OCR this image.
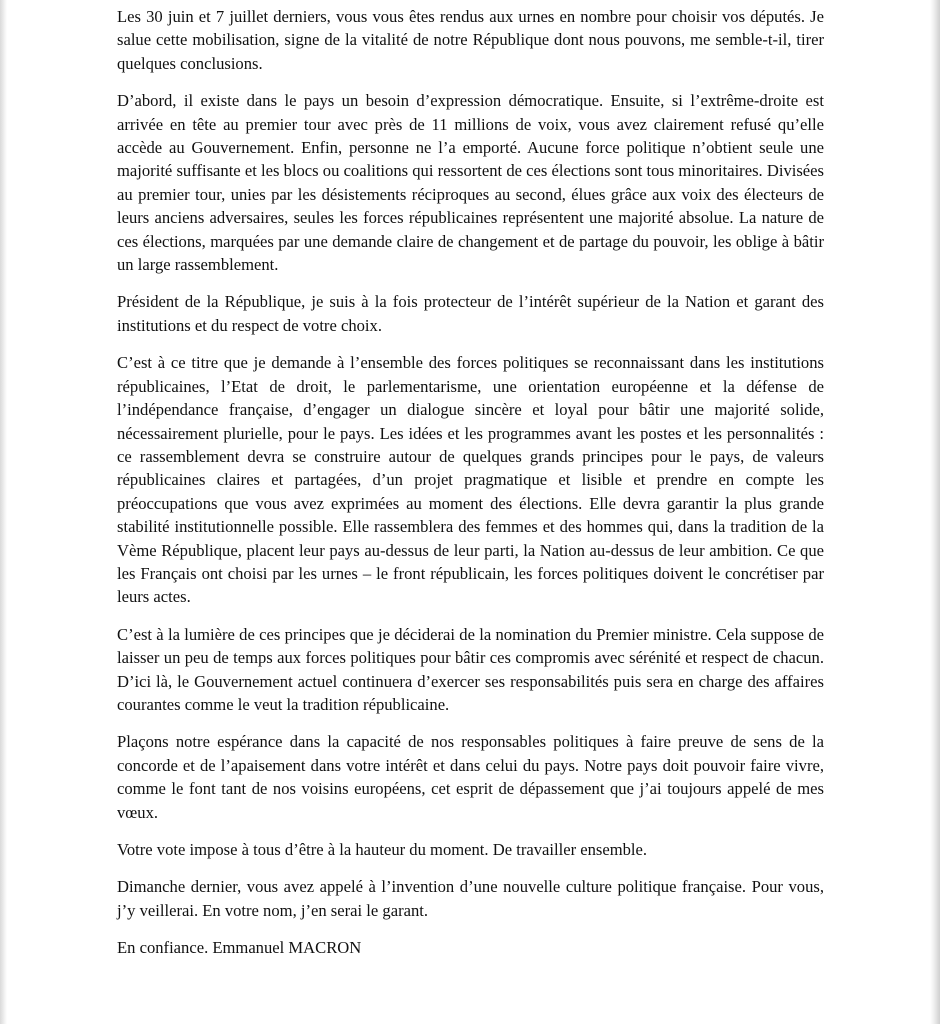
Les 30 juin et 7 juillet derniers, vous vous êtes rendus aux urnes en nombre pour choisir vos députés. Je salue cette mobilisation, signe de la vitalité de notre République dont nous pouvons, me semble-t-il, tirer quelques conclusions.

D’abord, il existe dans le pays un besoin d’expression démocratique. Ensuite, si l’extrême-droite est arrivée en tête au premier tour avec près de 11 millions de voix, vous avez clairement refusé qu’elle accède au Gouvernement. Enfin, personne ne l’a emporté. Aucune force politique n’obtient seule une majorité suffisante et les blocs ou coalitions qui ressortent de ces élections sont tous minoritaires. Divisées au premier tour, unies par les désistements réciproques au second, élues grâce aux voix des électeurs de leurs anciens adversaires, seules les forces républicaines représentent une majorité absolue. La nature de ces élections, marquées par une demande claire de changement et de partage du pouvoir, les oblige à bâtir un large rassemblement.

Président de la République, je suis à la fois protecteur de l’intérêt supérieur de la Nation et garant des institutions et du respect de votre choix.

C’est à ce titre que je demande à l’ensemble des forces politiques se reconnaissant dans les institutions républicaines, l’Etat de droit, le parlementarisme, une orientation européenne et la défense de l’indépendance française, d’engager un dialogue sincère et loyal pour bâtir une majorité solide, nécessairement plurielle, pour le pays. Les idées et les programmes avant les postes et les personnalités : ce rassemblement devra se construire autour de quelques grands principes pour le pays, de valeurs républicaines claires et partagées, d’un projet pragmatique et lisible et prendre en compte les préoccupations que vous avez exprimées au moment des élections. Elle devra garantir la plus grande stabilité institutionnelle possible. Elle rassemblera des femmes et des hommes qui, dans la tradition de la Vème République, placent leur pays au-dessus de leur parti, la Nation au-dessus de leur ambition. Ce que les Français ont choisi par les urnes – le front républicain, les forces politiques doivent le concrétiser par leurs actes.

C’est à la lumière de ces principes que je déciderai de la nomination du Premier ministre. Cela suppose de laisser un peu de temps aux forces politiques pour bâtir ces compromis avec sérénité et respect de chacun. D’ici là, le Gouvernement actuel continuera d’exercer ses responsabilités puis sera en charge des affaires courantes comme le veut la tradition républicaine.

Plaçons notre espérance dans la capacité de nos responsables politiques à faire preuve de sens de la concorde et de l’apaisement dans votre intérêt et dans celui du pays. Notre pays doit pouvoir faire vivre, comme le font tant de nos voisins européens, cet esprit de dépassement que j’ai toujours appelé de mes vœux.

Votre vote impose à tous d’être à la hauteur du moment. De travailler ensemble.

Dimanche dernier, vous avez appelé à l’invention d’une nouvelle culture politique française. Pour vous, j’y veillerai. En votre nom, j’en serai le garant.

En confiance. Emmanuel MACRON
